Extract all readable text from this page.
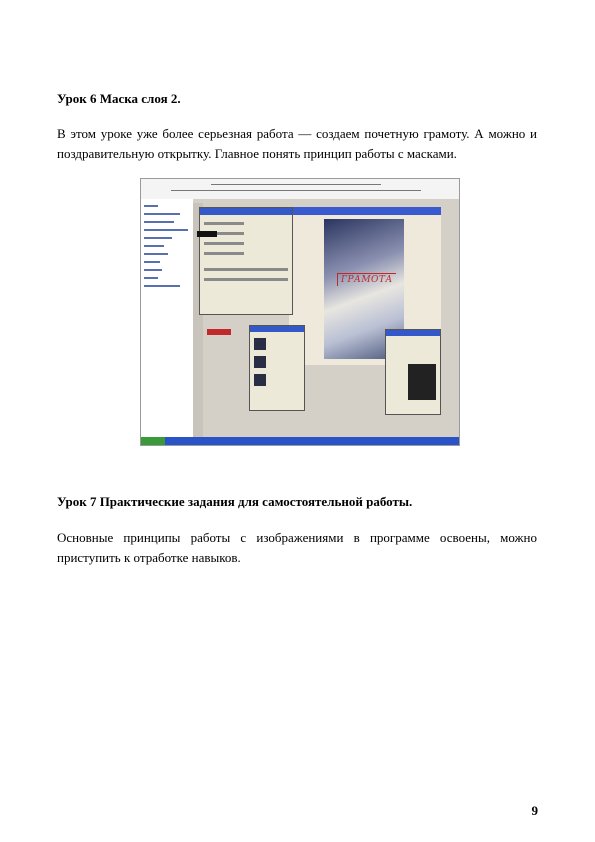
Урок 6 Маска слоя 2.

В этом уроке уже более серьезная работа — создаем почетную грамоту. А можно и поздравительную открытку. Главное понять принцип работы с масками.

ГРАМОТА
Урок 7 Практические задания для самостоятельной работы.

Основные принципы работы с изображениями в программе освоены, можно приступить к отработке навыков.

9
